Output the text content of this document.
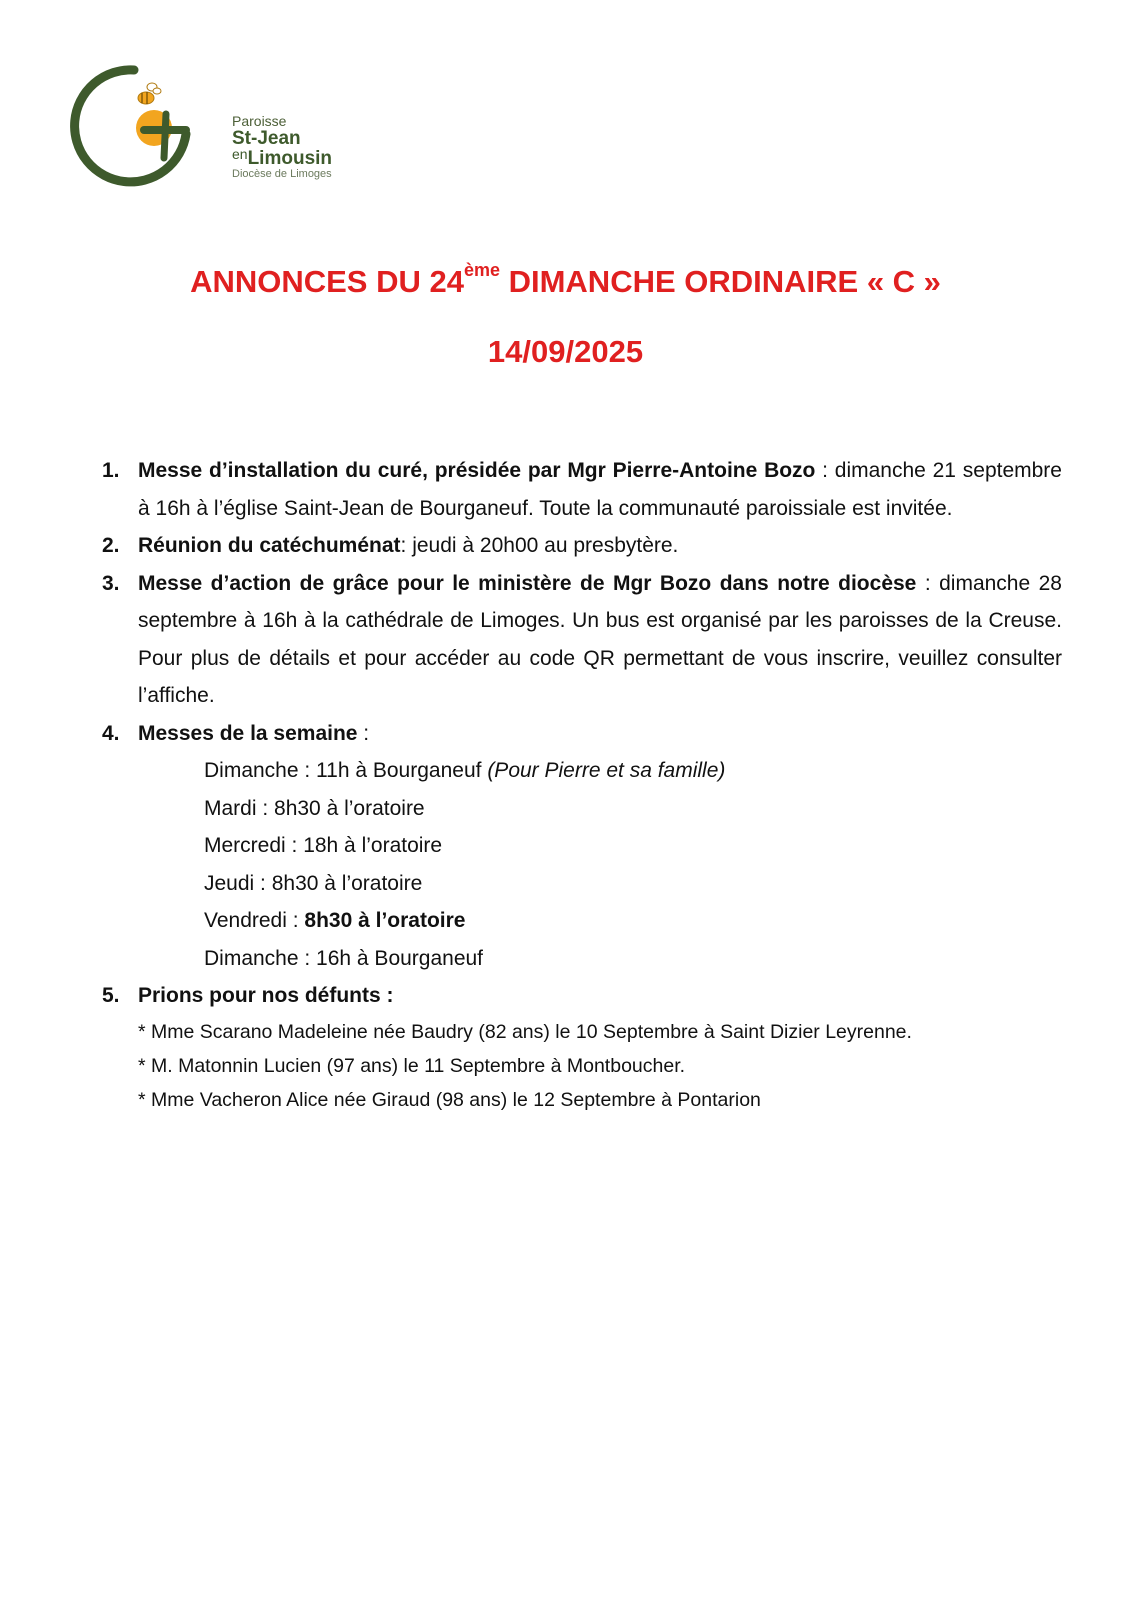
Paroisse
St-Jean
$^{en}$Limousin
Diocèse de Limoges
ANNONCES DU 24ème DIMANCHE ORDINAIRE « C »
14/09/2025
1. Messe d’installation du curé, présidée par Mgr Pierre-Antoine Bozo : dimanche 21 septembre à 16h à l’église Saint-Jean de Bourganeuf. Toute la communauté paroissiale est invitée.
2. Réunion du catéchuménat: jeudi à 20h00 au presbytère.
3. Messe d’action de grâce pour le ministère de Mgr Bozo dans notre diocèse : dimanche 28 septembre à 16h à la cathédrale de Limoges. Un bus est organisé par les paroisses de la Creuse. Pour plus de détails et pour accéder au code QR permettant de vous inscrire, veuillez consulter l’affiche.
4. Messes de la semaine :
Dimanche : 11h à Bourganeuf (Pour Pierre et sa famille)
Mardi : 8h30 à l’oratoire
Mercredi : 18h à l’oratoire
Jeudi : 8h30 à l’oratoire
Vendredi : 8h30 à l’oratoire
Dimanche : 16h à Bourganeuf
5. Prions pour nos défunts :
* Mme Scarano Madeleine née Baudry (82 ans) le 10 Septembre à Saint Dizier Leyrenne.
* M. Matonnin Lucien (97 ans) le 11 Septembre à Montboucher.
* Mme Vacheron Alice née Giraud (98 ans) le 12 Septembre à Pontarion
